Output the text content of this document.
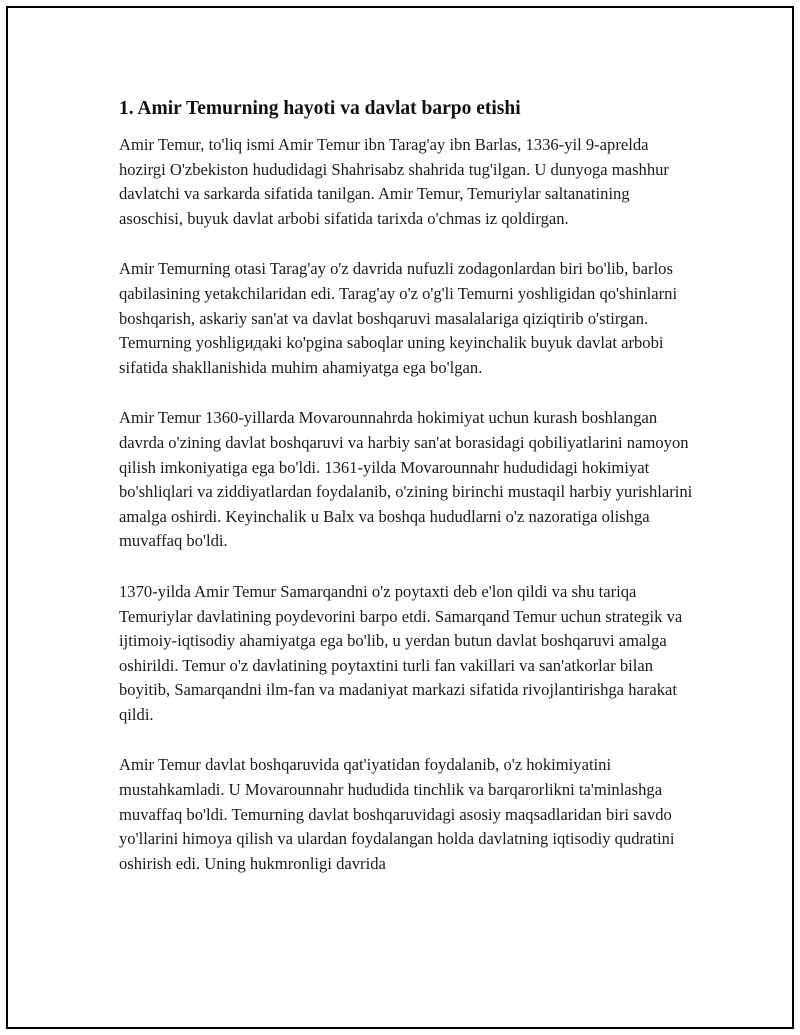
1. Amir Temurning hayoti va davlat barpo etishi

Amir Temur, to'liq ismi Amir Temur ibn Tarag'ay ibn Barlas, 1336-yil 9-aprelda hozirgi O'zbekiston hududidagi Shahrisabz shahrida tug'ilgan. U dunyoga mashhur davlatchi va sarkarda sifatida tanilgan. Amir Temur, Temuriylar saltanatining asoschisi, buyuk davlat arbobi sifatida tarixda o'chmas iz qoldirgan.

Amir Temurning otasi Tarag'ay o'z davrida nufuzli zodagonlardan biri bo'lib, barlos qabilasining yetakchilaridan edi. Tarag'ay o'z o'g'li Temurni yoshligidan qo'shinlarni boshqarish, askariy san'at va davlat boshqaruvi masalalariga qiziqtirib o'stirgan. Temurning yoshligидаki ko'pgina saboqlar uning keyinchalik buyuk davlat arbobi sifatida shakllanishida muhim ahamiyatga ega bo'lgan.

Amir Temur 1360-yillarda Movarounnahrda hokimiyat uchun kurash boshlangan davrda o'zining davlat boshqaruvi va harbiy san'at borasidagi qobiliyatlarini namoyon qilish imkoniyatiga ega bo'ldi. 1361-yilda Movarounnahr hududidagi hokimiyat bo'shliqlari va ziddiyatlardan foydalanib, o'zining birinchi mustaqil harbiy yurishlarini amalga oshirdi. Keyinchalik u Balx va boshqa hududlarni o'z nazoratiga olishga muvaffaq bo'ldi.

1370-yilda Amir Temur Samarqandni o'z poytaxti deb e'lon qildi va shu tariqa Temuriylar davlatining poydevorini barpo etdi. Samarqand Temur uchun strategik va ijtimoiy-iqtisodiy ahamiyatga ega bo'lib, u yerdan butun davlat boshqaruvi amalga oshirildi. Temur o'z davlatining poytaxtini turli fan vakillari va san'atkorlar bilan boyitib, Samarqandni ilm-fan va madaniyat markazi sifatida rivojlantirishga harakat qildi.

Amir Temur davlat boshqaruvida qat'iyatidan foydalanib, o'z hokimiyatini mustahkamladi. U Movarounnahr hududida tinchlik va barqarorlikni ta'minlashga muvaffaq bo'ldi. Temurning davlat boshqaruvidagi asosiy maqsadlaridan biri savdo yo'llarini himoya qilish va ulardan foydalangan holda davlatning iqtisodiy qudratini oshirish edi. Uning hukmronligi davrida
